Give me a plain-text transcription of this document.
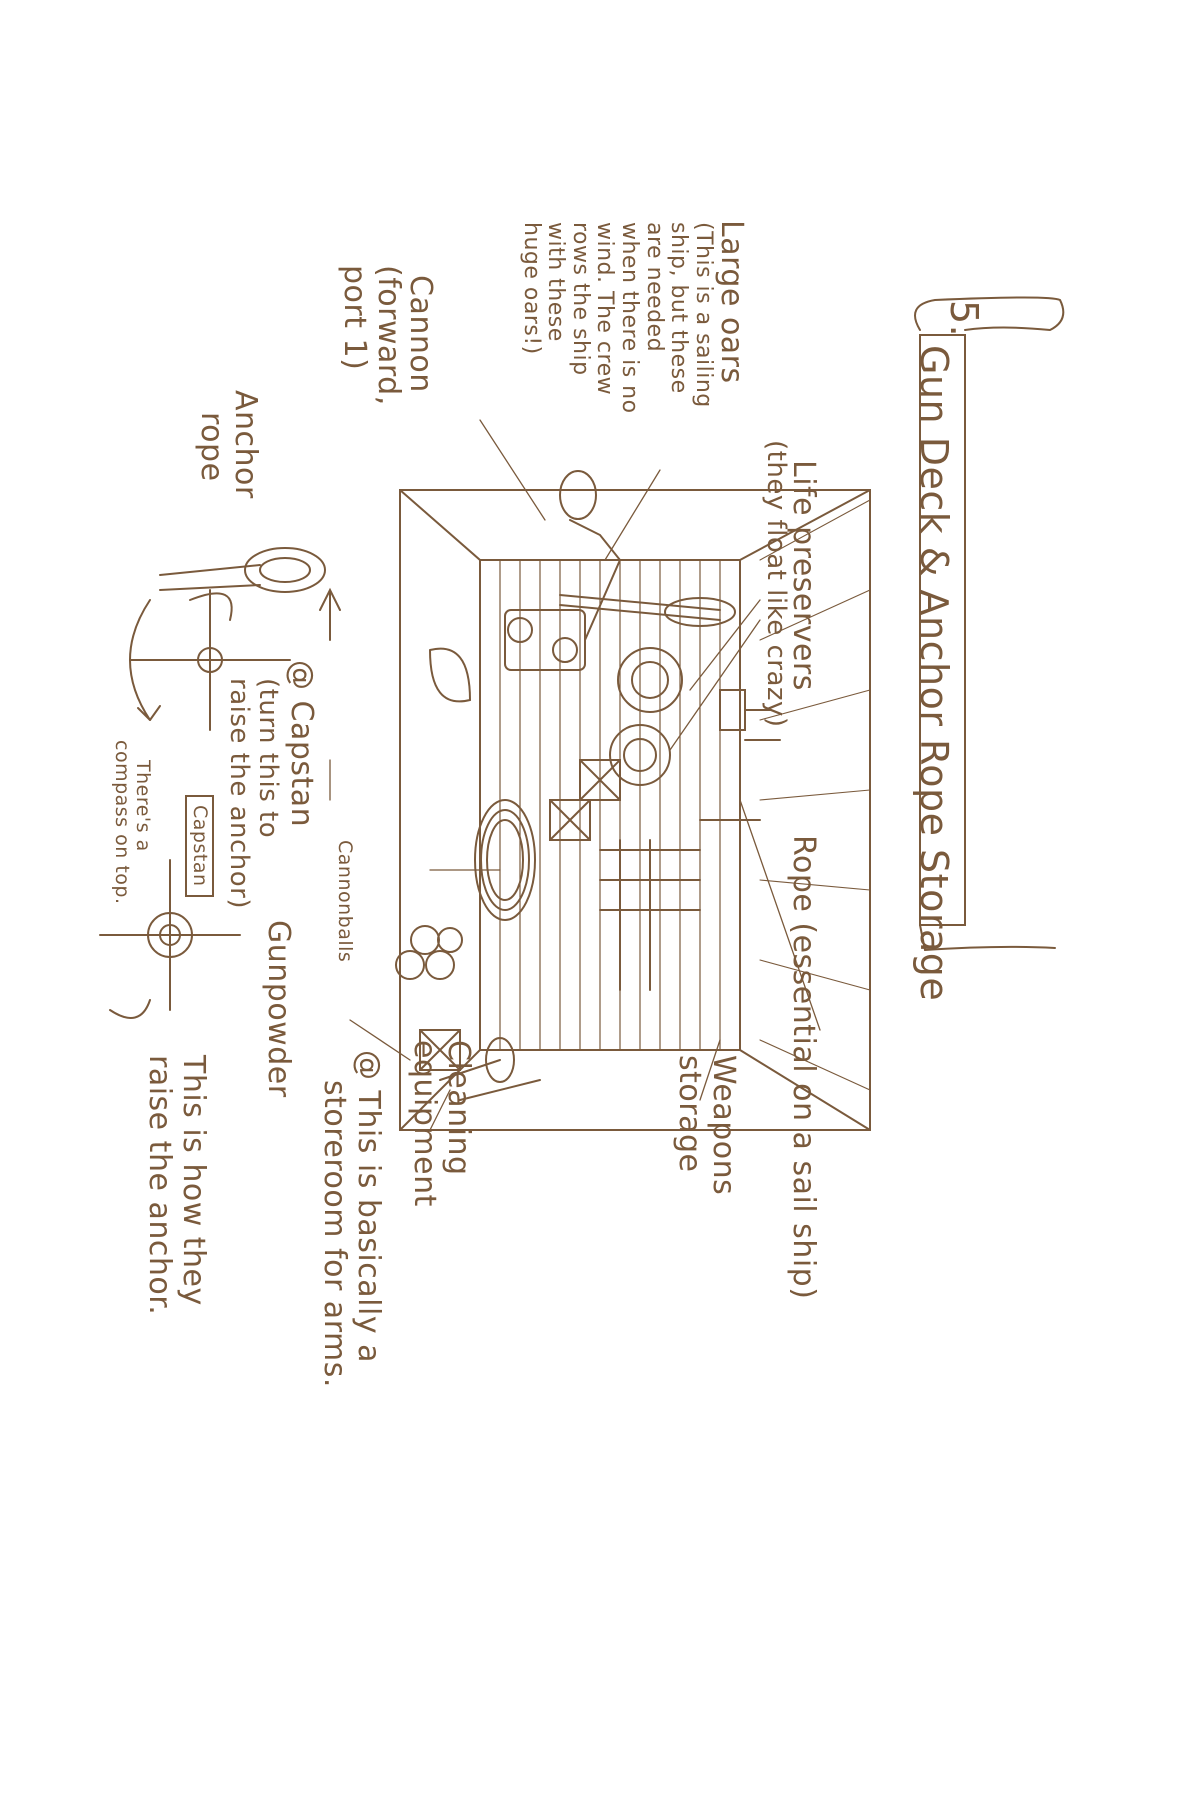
5.
Gun Deck & Anchor Rope Storage
Life preservers
(they float like crazy)
Large oars
(This is a sailing
ship, but these
are needed
when there is no
wind. The crew
rows the ship
with these
huge oars!)
Cannon
(forward,
port 1)
Anchor
rope
@ Capstan
(turn this to
raise the anchor)
Capstan
There's a
compass on top.	Cannonballs
Gunpowder
Cleaning
equipment
@ This is basically a
storeroom for arms.	Weapons
storage	Rope (essential on a sail ship)
This is how they
raise the anchor.
